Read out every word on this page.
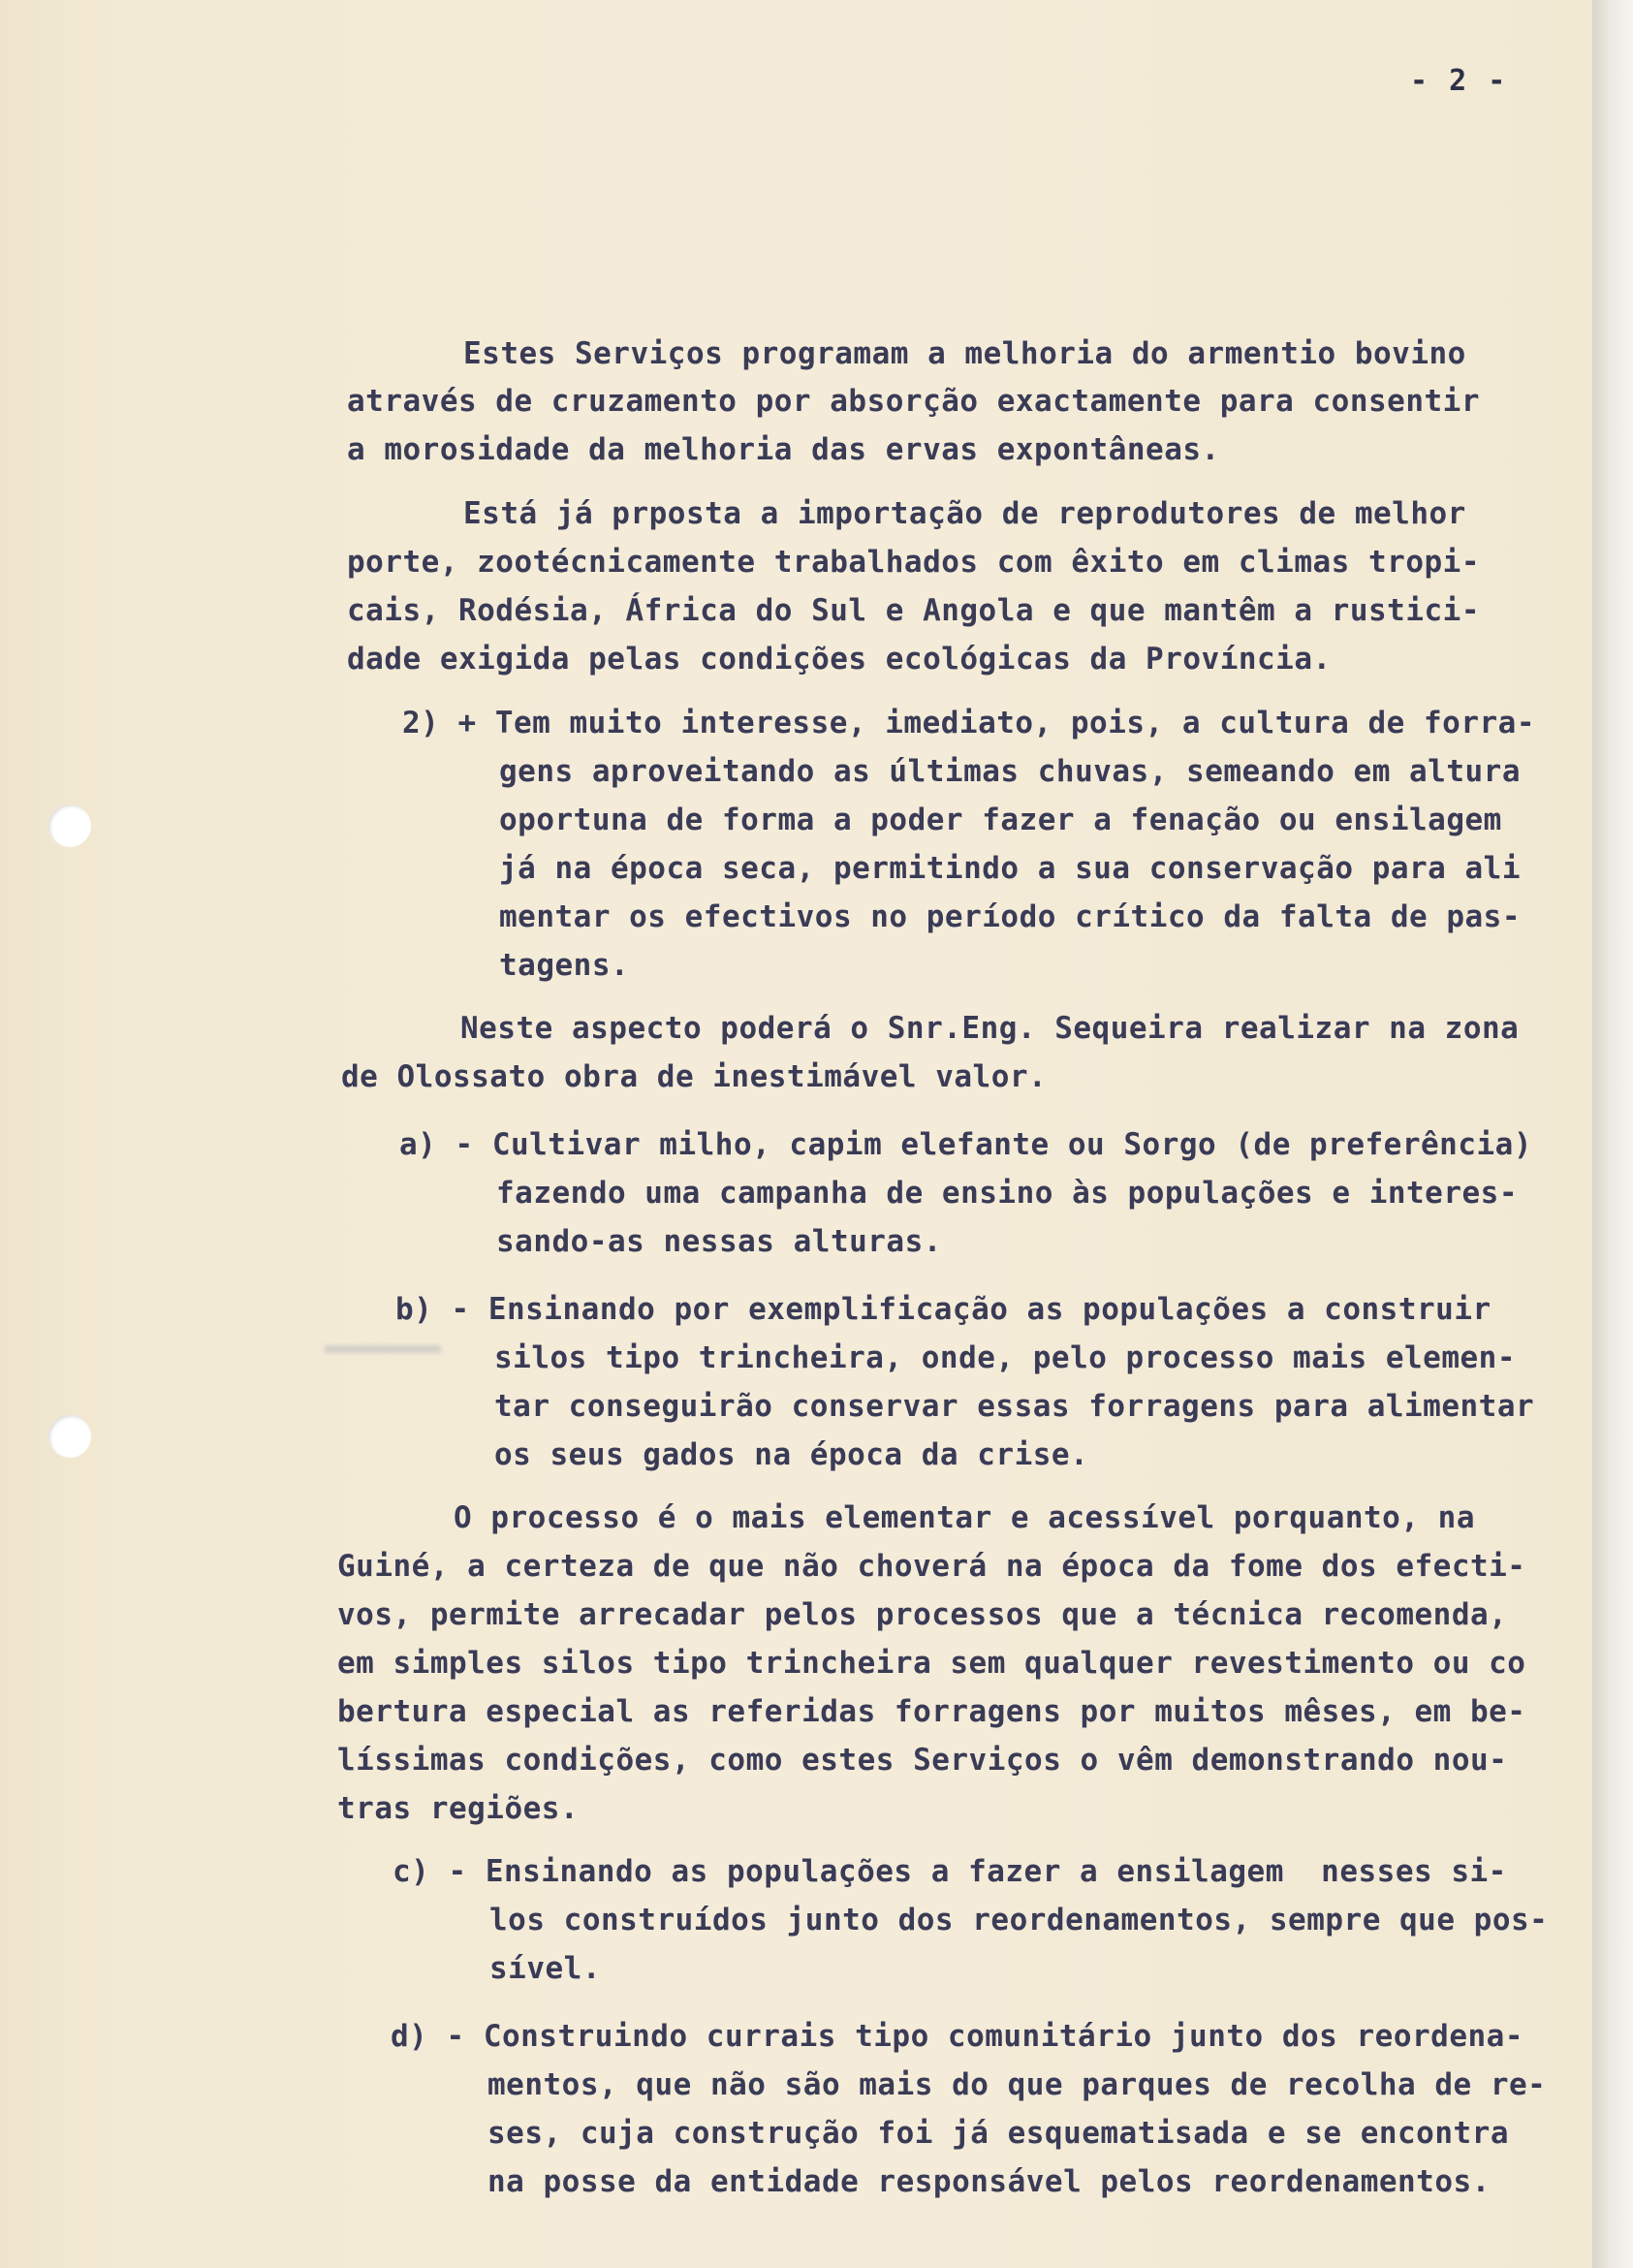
- 2 -
Estes Serviços programam a melhoria do armentio bovino
através de cruzamento por absorção exactamente para consentir
a morosidade da melhoria das ervas expontâneas.
Está já prposta a importação de reprodutores de melhor
porte, zootécnicamente trabalhados com êxito em climas tropi-
cais, Rodésia, África do Sul e Angola e que mantêm a rustici-
dade exigida pelas condições ecológicas da Província.
2) + Tem muito interesse, imediato, pois, a cultura de forra-
gens aproveitando as últimas chuvas, semeando em altura
oportuna de forma a poder fazer a fenação ou ensilagem
já na época seca, permitindo a sua conservação para ali
mentar os efectivos no período crítico da falta de pas-
tagens.
Neste aspecto poderá o Snr.Eng. Sequeira realizar na zona
de Olossato obra de inestimável valor.
a) - Cultivar milho, capim elefante ou Sorgo (de preferência)
fazendo uma campanha de ensino às populações e interes-
sando-as nessas alturas.
b) - Ensinando por exemplificação as populações a construir
silos tipo trincheira, onde, pelo processo mais elemen-
tar conseguirão conservar essas forragens para alimentar
os seus gados na época da crise.
O processo é o mais elementar e acessível porquanto, na
Guiné, a certeza de que não choverá na época da fome dos efecti-
vos, permite arrecadar pelos processos que a técnica recomenda,
em simples silos tipo trincheira sem qualquer revestimento ou co
bertura especial as referidas forragens por muitos mêses, em be-
líssimas condições, como estes Serviços o vêm demonstrando nou-
tras regiões.
c) - Ensinando as populações a fazer a ensilagem  nesses si-
los construídos junto dos reordenamentos, sempre que pos-
sível.
d) - Construindo currais tipo comunitário junto dos reordena-
mentos, que não são mais do que parques de recolha de re-
ses, cuja construção foi já esquematisada e se encontra
na posse da entidade responsável pelos reordenamentos.
